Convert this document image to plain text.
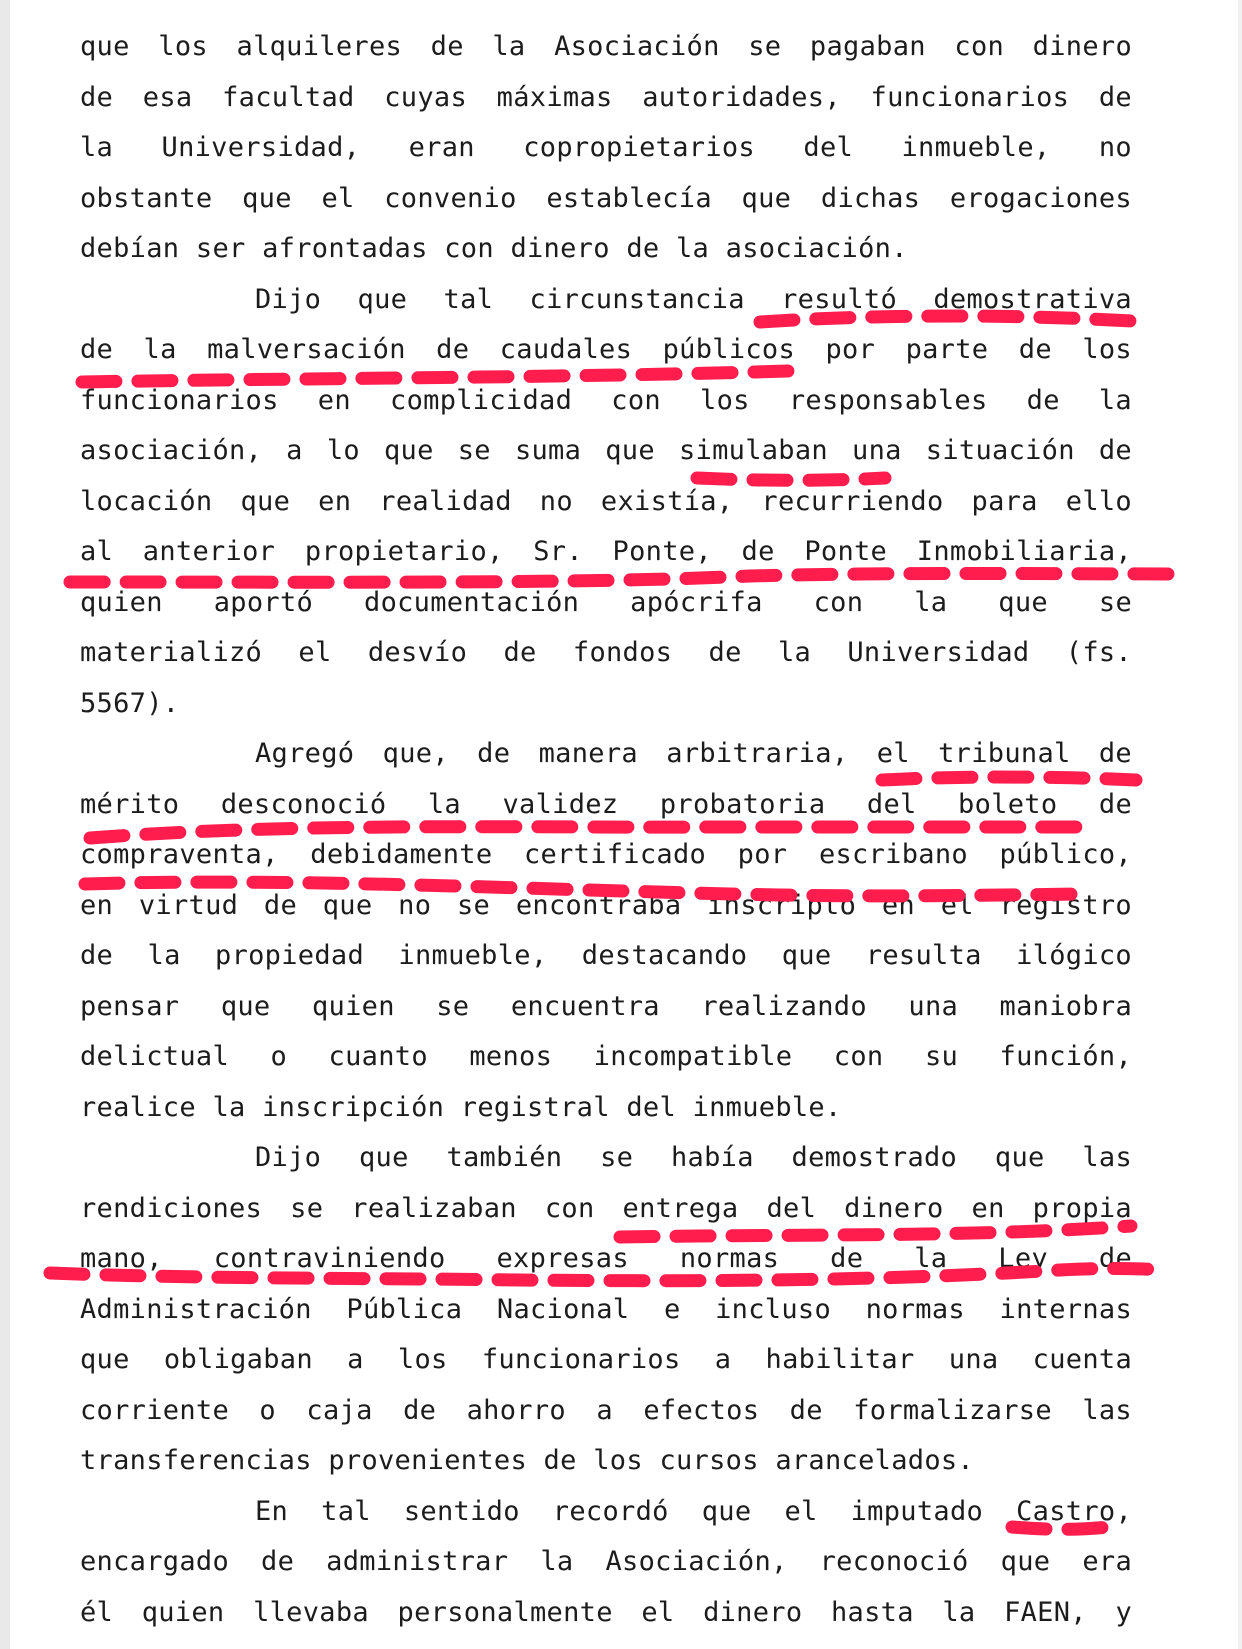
que los alquileres de la Asociación se pagaban con dinero
de esa facultad cuyas máximas autoridades, funcionarios de
la Universidad, eran copropietarios del inmueble, no
obstante que el convenio establecía que dichas erogaciones
debían ser afrontadas con dinero de la asociación.
Dijo que tal circunstancia resultó demostrativa
de la malversación de caudales públicos por parte de los
funcionarios en complicidad con los responsables de la
asociación, a lo que se suma que simulaban una situación de
locación que en realidad no existía, recurriendo para ello
al anterior propietario, Sr. Ponte, de Ponte Inmobiliaria,
quien aportó documentación apócrifa con la que se
materializó el desvío de fondos de la Universidad (fs.
5567).
Agregó que, de manera arbitraria, el tribunal de
mérito desconoció la validez probatoria del boleto de
compraventa, debidamente certificado por escribano público,
en virtud de que no se encontraba inscripto en el registro
de la propiedad inmueble, destacando que resulta ilógico
pensar que quien se encuentra realizando una maniobra
delictual o cuanto menos incompatible con su función,
realice la inscripción registral del inmueble.
Dijo que también se había demostrado que las
rendiciones se realizaban con entrega del dinero en propia
mano, contraviniendo expresas normas de la Ley de
Administración Pública Nacional e incluso normas internas
que obligaban a los funcionarios a habilitar una cuenta
corriente o caja de ahorro a efectos de formalizarse las
transferencias provenientes de los cursos arancelados.
En tal sentido recordó que el imputado Castro,
encargado de administrar la Asociación, reconoció que era
él quien llevaba personalmente el dinero hasta la FAEN, y
